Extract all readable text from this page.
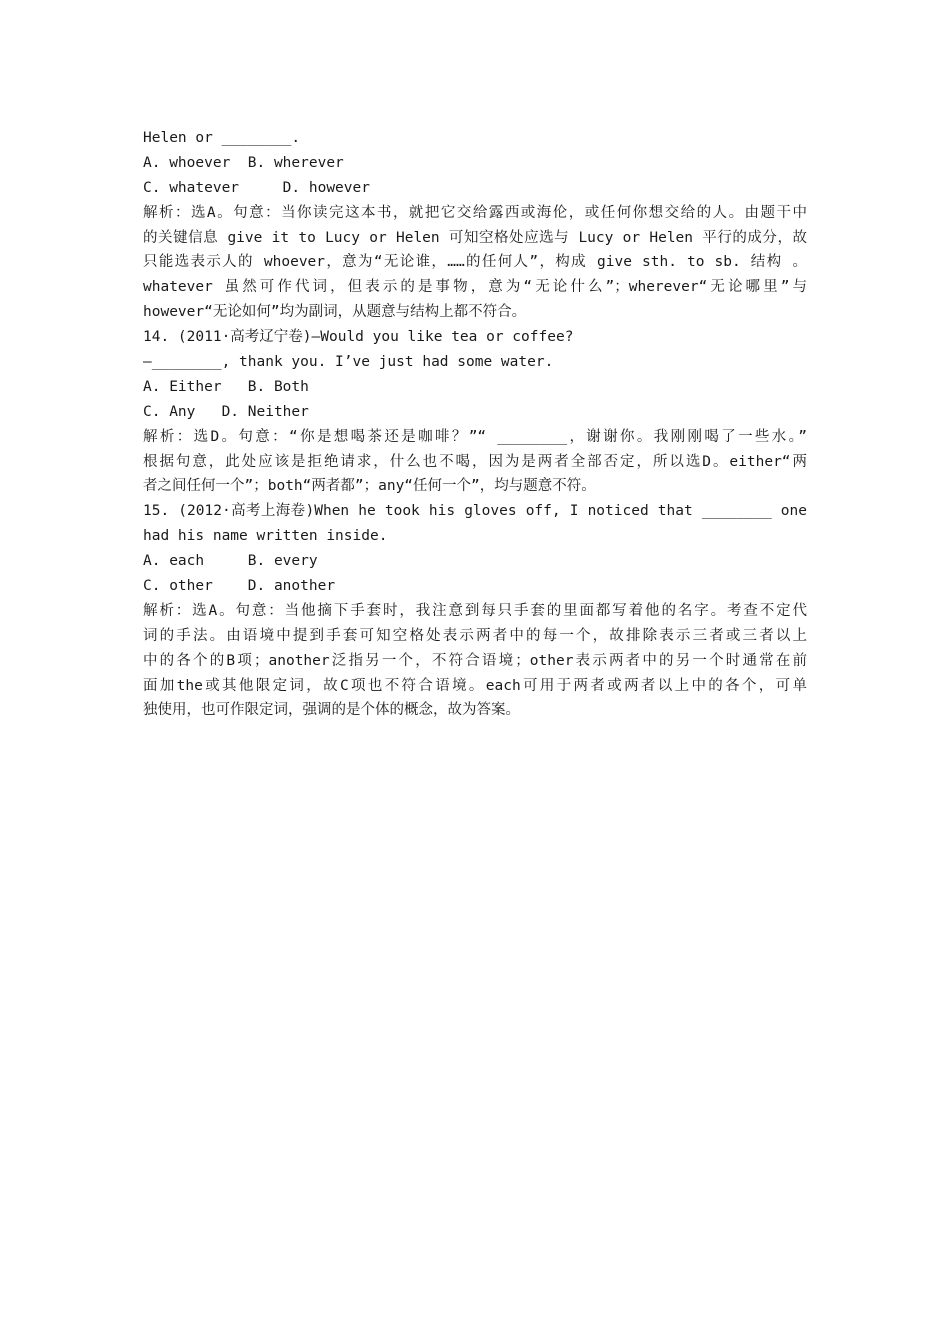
Helen or ________.
A. whoever  B. wherever
C. whatever     D. however
解析：选A。句意：当你读完这本书，就把它交给露西或海伦，或任何你想交给的人。由题干中
的关键信息 give it to Lucy or Helen 可知空格处应选与 Lucy or Helen 平行的成分，故
只能选表示人的 whoever，意为“无论谁，……的任何人”，构成 give sth. to sb. 结构 。
whatever 虽然可作代词，但表示的是事物，意为“无论什么”；wherever“无论哪里”与
however“无论如何”均为副词，从题意与结构上都不符合。
14. (2011·高考辽宁卷)—Would you like tea or coffee?
—________, thank you. I’ve just had some water.
A. Either   B. Both
C. Any   D. Neither
解析：选D。句意：“你是想喝茶还是咖啡？”“ ________，谢谢你。我刚刚喝了一些水。”
根据句意，此处应该是拒绝请求，什么也不喝，因为是两者全部否定，所以选D。either“两
者之间任何一个”；both“两者都”；any“任何一个”，均与题意不符。
15. (2012·高考上海卷)When he took his gloves off, I noticed that ________ one
had his name written inside.
A. each     B. every
C. other    D. another
解析：选A。句意：当他摘下手套时，我注意到每只手套的里面都写着他的名字。考查不定代
词的手法。由语境中提到手套可知空格处表示两者中的每一个，故排除表示三者或三者以上
中的各个的B项；another泛指另一个，不符合语境；other表示两者中的另一个时通常在前
面加the或其他限定词，故C项也不符合语境。each可用于两者或两者以上中的各个，可单
独使用，也可作限定词，强调的是个体的概念，故为答案。
